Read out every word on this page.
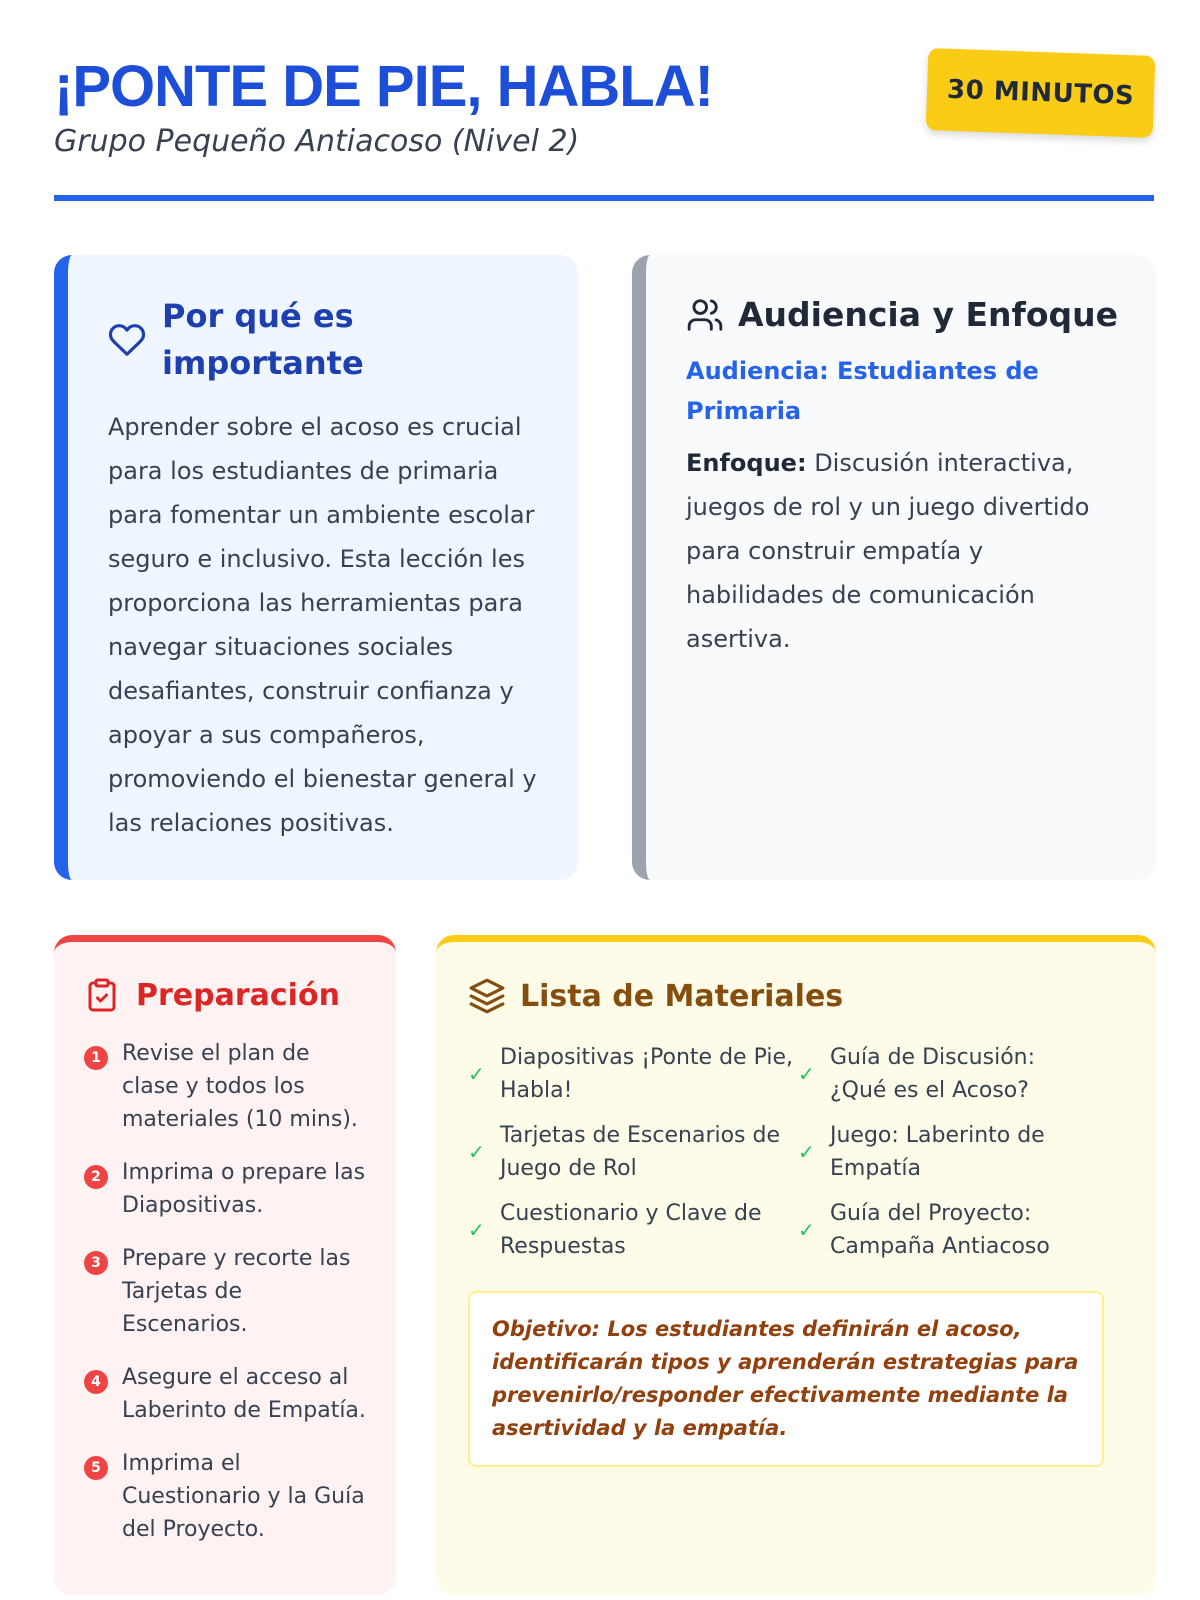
¡PONTE DE PIE, HABLA!
Grupo Pequeño Antiacoso (Nivel 2)
30 MINUTOS
Por qué es importante

Aprender sobre el acoso es crucial para los estudiantes de primaria para fomentar un ambiente escolar seguro e inclusivo. Esta lección les proporciona las herramientas para navegar situaciones sociales desafiantes, construir confianza y apoyar a sus compañeros, promoviendo el bienestar general y las relaciones positivas.

Audiencia y Enfoque
Audiencia: Estudiantes de Primaria

Enfoque: Discusión interactiva, juegos de rol y un juego divertido para construir empatía y habilidades de comunicación asertiva.

Preparación
1 Revise el plan de clase y todos los materiales (10 mins).
2 Imprima o prepare las Diapositivas.
3 Prepare y recorte las Tarjetas de Escenarios.
4 Asegure el acceso al Laberinto de Empatía.
5 Imprima el Cuestionario y la Guía del Proyecto.
Lista de Materiales
✓
Diapositivas ¡Ponte de Pie, Habla!
✓
Guía de Discusión: ¿Qué es el Acoso?
✓
Tarjetas de Escenarios de Juego de Rol
✓
Juego: Laberinto de Empatía
✓
Cuestionario y Clave de Respuestas
✓
Guía del Proyecto: Campaña Antiacoso
Objetivo: Los estudiantes definirán el acoso, identificarán tipos y aprenderán estrategias para prevenirlo/responder efectivamente mediante la asertividad y la empatía.
